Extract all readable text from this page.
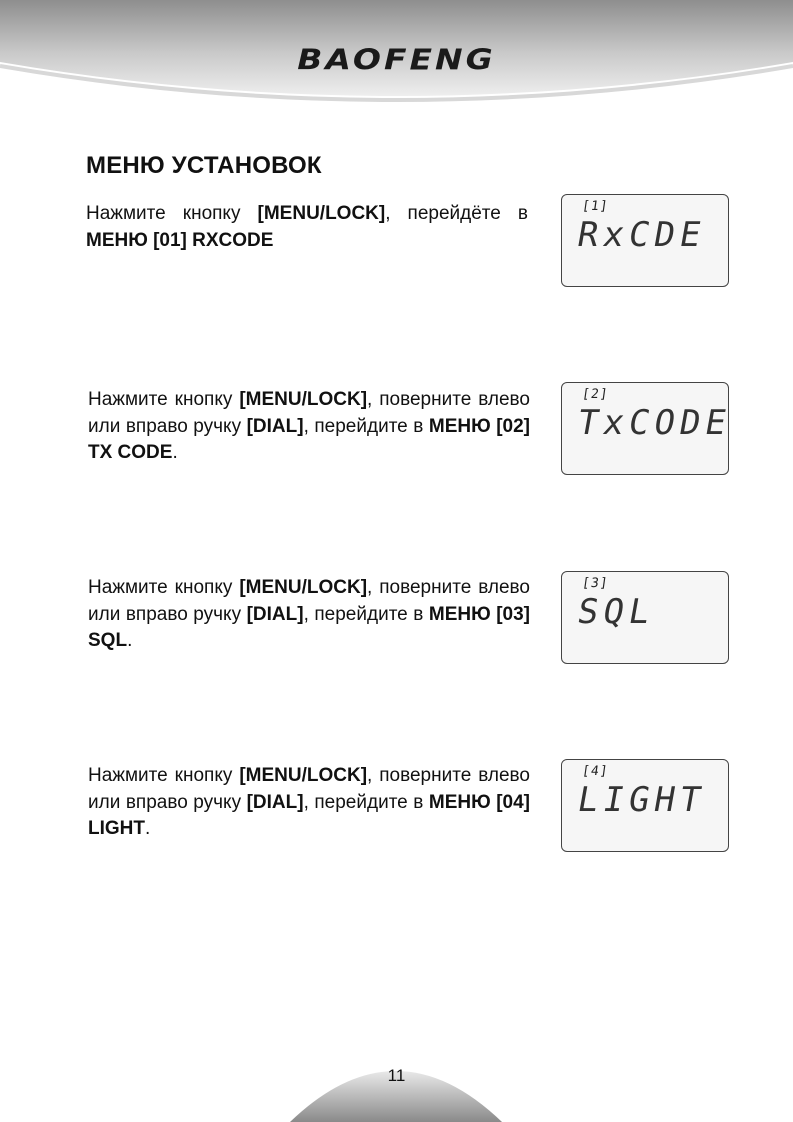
BAOFENG
МЕНЮ УСТАНОВОК
Нажмите кнопку [MENU/LOCK], перейдёте в МЕНЮ [01] RXCODE
[1]
RxCDE
Нажмите кнопку [MENU/LOCK], поверните влево или вправо ручку [DIAL], перейдите в МЕНЮ [02] TX CODE.
[2]
TxCODE
Нажмите кнопку [MENU/LOCK], поверните влево или вправо ручку [DIAL], перейдите в МЕНЮ [03] SQL.
[3]
SQL
Нажмите кнопку [MENU/LOCK], поверните влево или вправо ручку [DIAL], перейдите в МЕНЮ [04] LIGHT.
[4]
LIGHT
11
